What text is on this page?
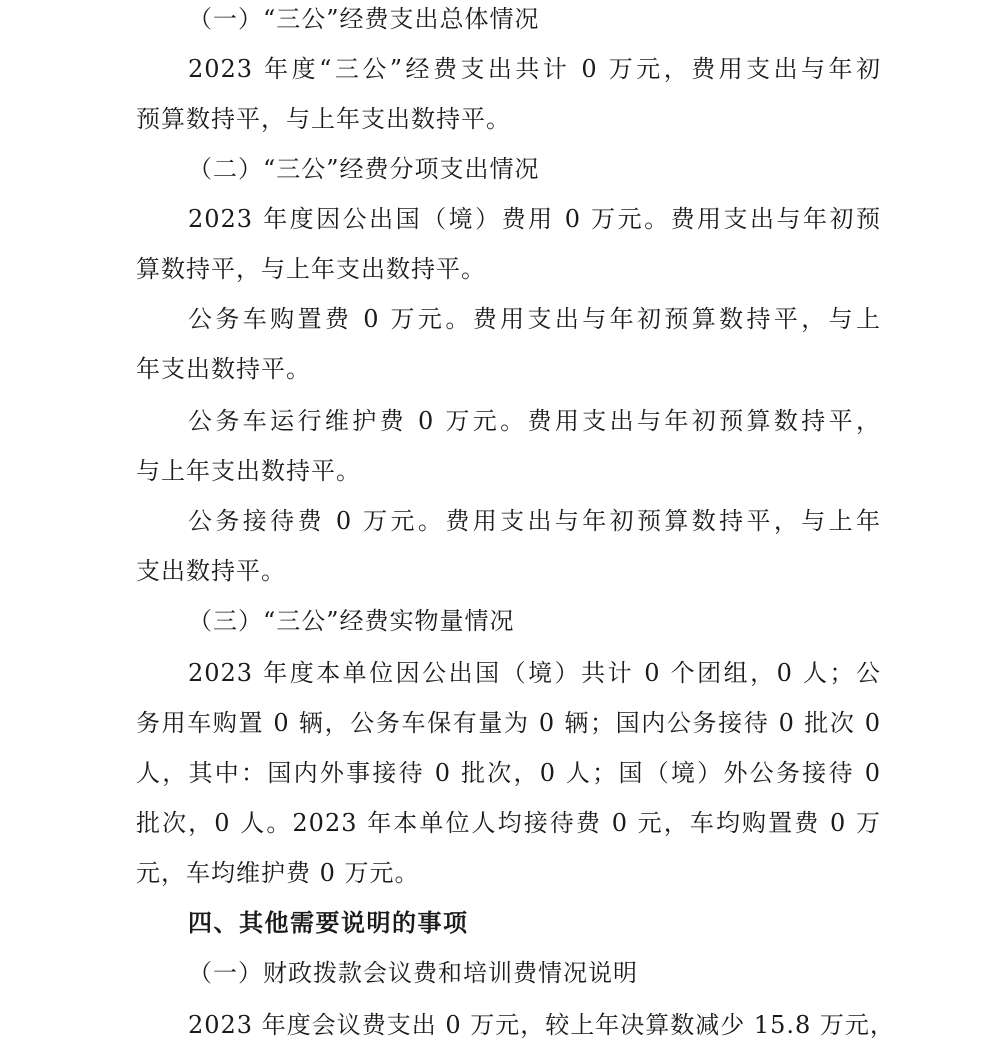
（一）“三公”经费支出总体情况
2023 年度“三公”经费支出共计 0 万元，费用支出与年初
预算数持平，与上年支出数持平。
（二）“三公”经费分项支出情况
2023 年度因公出国（境）费用 0 万元。费用支出与年初预
算数持平，与上年支出数持平。
公务车购置费 0 万元。费用支出与年初预算数持平，与上
年支出数持平。
公务车运行维护费 0 万元。费用支出与年初预算数持平，
与上年支出数持平。
公务接待费 0 万元。费用支出与年初预算数持平，与上年
支出数持平。
（三）“三公”经费实物量情况
2023 年度本单位因公出国（境）共计 0 个团组，0 人；公
务用车购置 0 辆，公务车保有量为 0 辆；国内公务接待 0 批次 0
人，其中：国内外事接待 0 批次，0 人；国（境）外公务接待 0
批次，0 人。2023 年本单位人均接待费 0 元，车均购置费 0 万
元，车均维护费 0 万元。
四、其他需要说明的事项
（一）财政拨款会议费和培训费情况说明
2023 年度会议费支出 0 万元，较上年决算数减少 15.8 万元，
